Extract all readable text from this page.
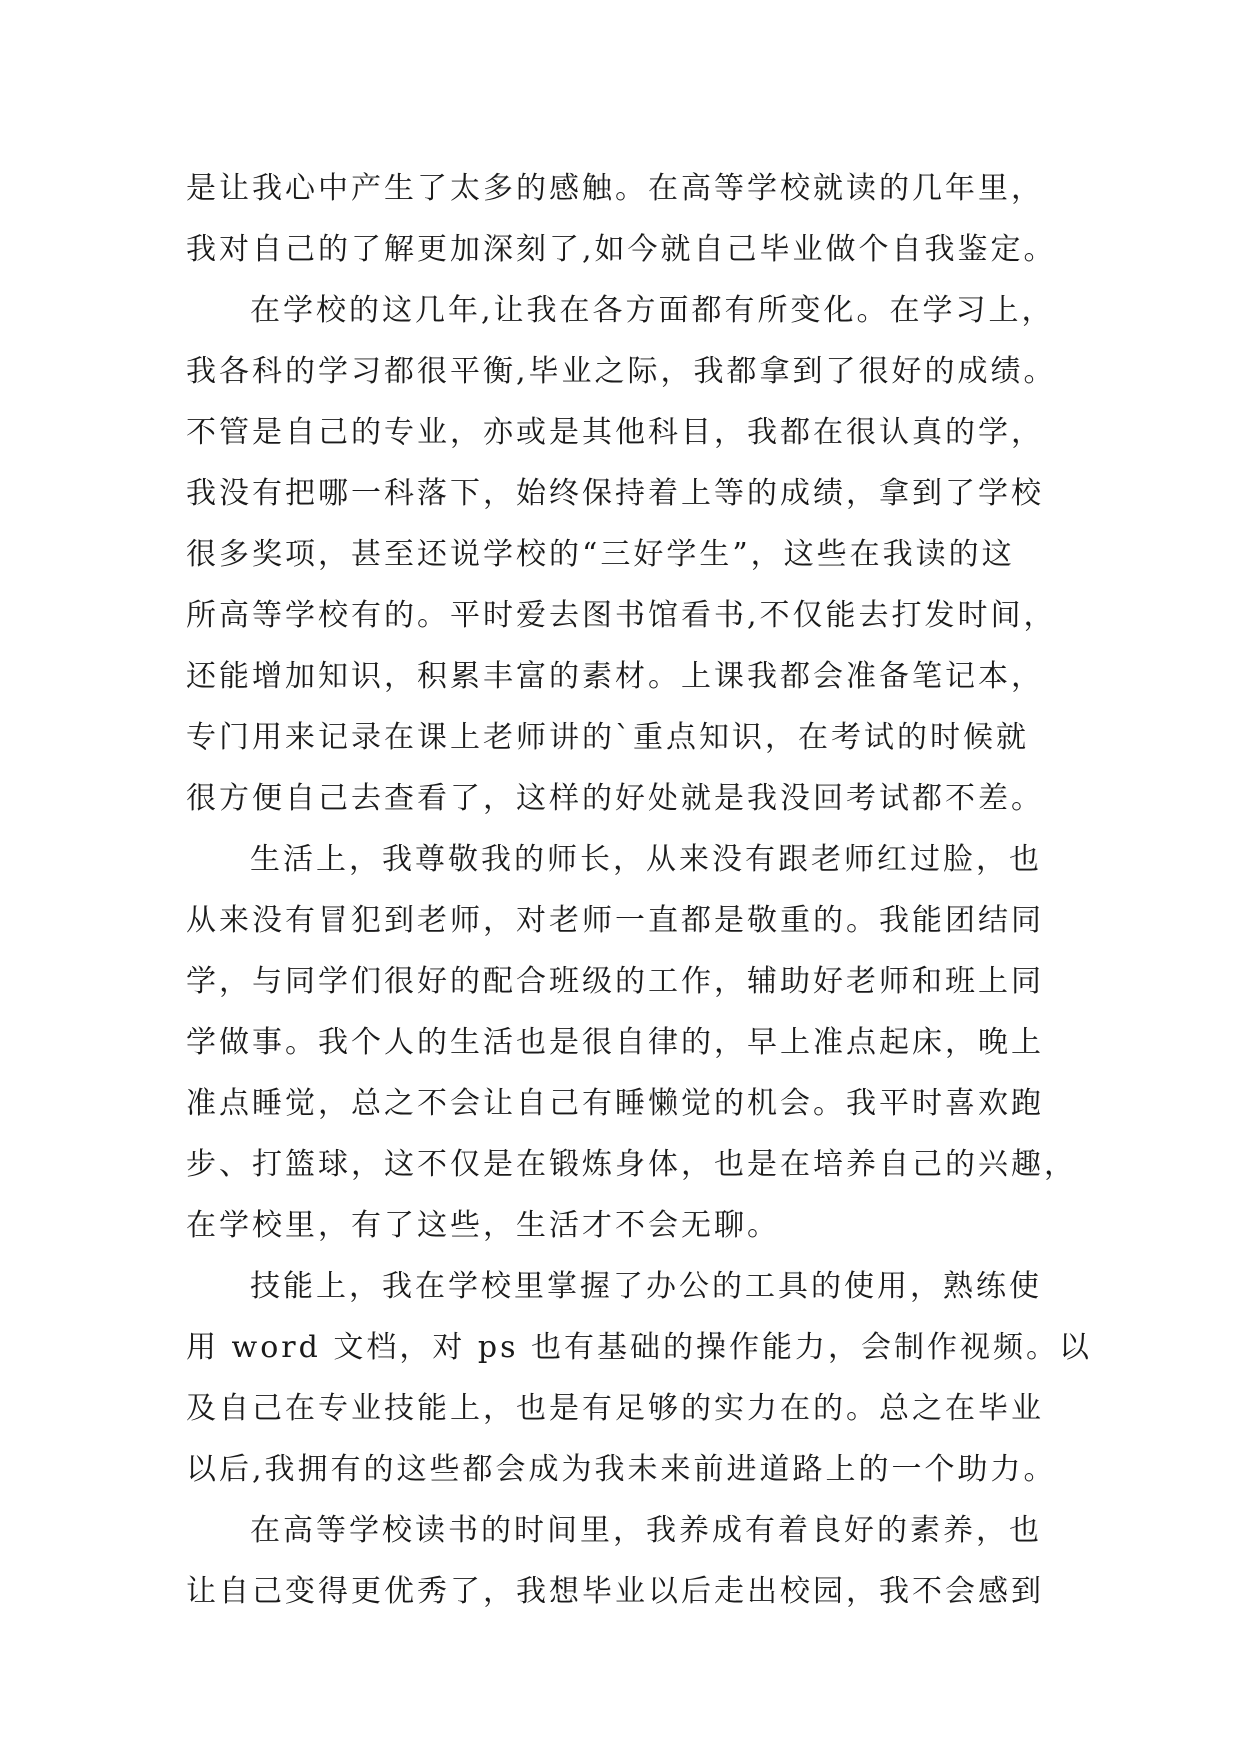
是让我心中产生了太多的感触。在高等学校就读的几年里，
我对自己的了解更加深刻了,如今就自己毕业做个自我鉴定。
在学校的这几年,让我在各方面都有所变化。在学习上，
我各科的学习都很平衡,毕业之际，我都拿到了很好的成绩。
不管是自己的专业，亦或是其他科目，我都在很认真的学，
我没有把哪一科落下，始终保持着上等的成绩，拿到了学校
很多奖项，甚至还说学校的“三好学生”，这些在我读的这
所高等学校有的。平时爱去图书馆看书,不仅能去打发时间，
还能增加知识，积累丰富的素材。上课我都会准备笔记本，
专门用来记录在课上老师讲的`重点知识，在考试的时候就
很方便自己去查看了，这样的好处就是我没回考试都不差。
生活上，我尊敬我的师长，从来没有跟老师红过脸，也
从来没有冒犯到老师，对老师一直都是敬重的。我能团结同
学，与同学们很好的配合班级的工作，辅助好老师和班上同
学做事。我个人的生活也是很自律的，早上准点起床，晚上
准点睡觉，总之不会让自己有睡懒觉的机会。我平时喜欢跑
步、打篮球，这不仅是在锻炼身体，也是在培养自己的兴趣，
在学校里，有了这些，生活才不会无聊。
技能上，我在学校里掌握了办公的工具的使用，熟练使
用 word 文档，对 ps 也有基础的操作能力，会制作视频。以
及自己在专业技能上，也是有足够的实力在的。总之在毕业
以后,我拥有的这些都会成为我未来前进道路上的一个助力。
在高等学校读书的时间里，我养成有着良好的素养，也
让自己变得更优秀了，我想毕业以后走出校园，我不会感到
